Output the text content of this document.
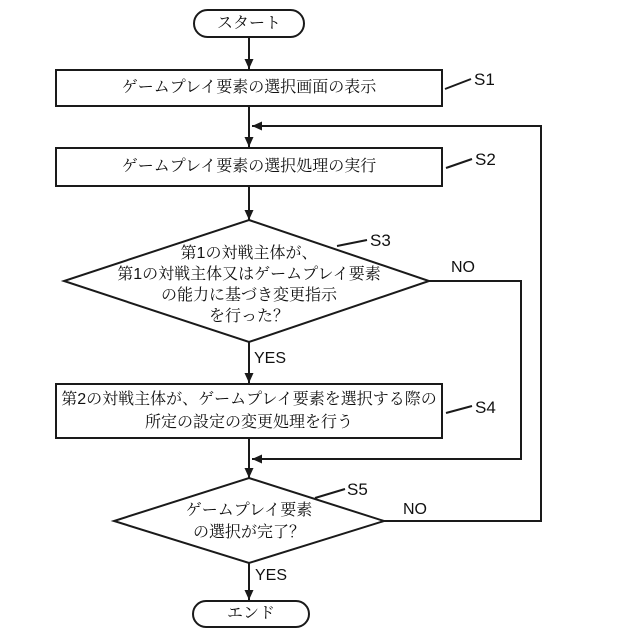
スタート
ゲームプレイ要素の選択画面の表示
ゲームプレイ要素の選択処理の実行
第1の対戦主体が、
第1の対戦主体又はゲームプレイ要素
の能力に基づき変更指示
を行った？
第2の対戦主体が、ゲームプレイ要素を選択する際の
所定の設定の変更処理を行う
ゲームプレイ要素
の選択が完了？
エンド
S1
S2
S3
S4
S5
NO
YES
NO
YES
